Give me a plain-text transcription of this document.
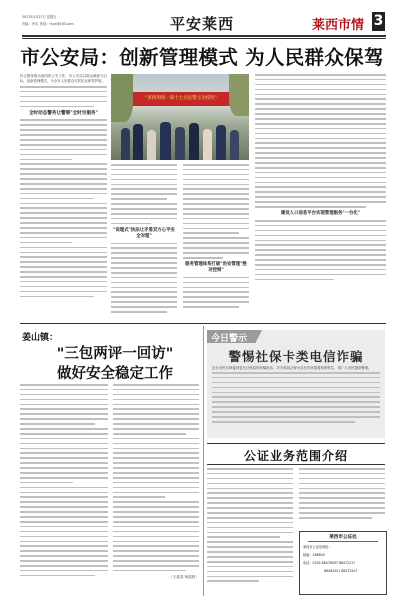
2012年4月27日 星期五
责编：李岚 热线：fnyx@163.com	平安莱西	莱西市情 3
市公安局：创新管理模式 为人民群众保驾
综合整体推动莱西的公安工作，市公安局以群众满意为目标，创新管理模式，为全市人民群众安居乐业保驾护航。
全时动态警务让警察"全时空服务"
"莱西刑侦一部十七名民警立功授奖"
"说理式"执法让矛盾双方心平安全对理"
服务管理体系打破"治安管理"绝对控制"
建设人口信息平台实现管理服务"一台化"
姜山镇：
"三包两评一回访"
做好安全稳定工作
（王进春 杨铭锐）
今日警示
警惕社保卡类电信诈骗
近日市民反映接到冒充社保局的诈骗电话，对方称其社保卡存在异常需要转账核实，请广大市民提高警惕。
公证业务范围介绍
莱西市公证处
莱西市公证处地址：
邮编：266600
电话：0532 88478097 88471217
88484351 88472207
